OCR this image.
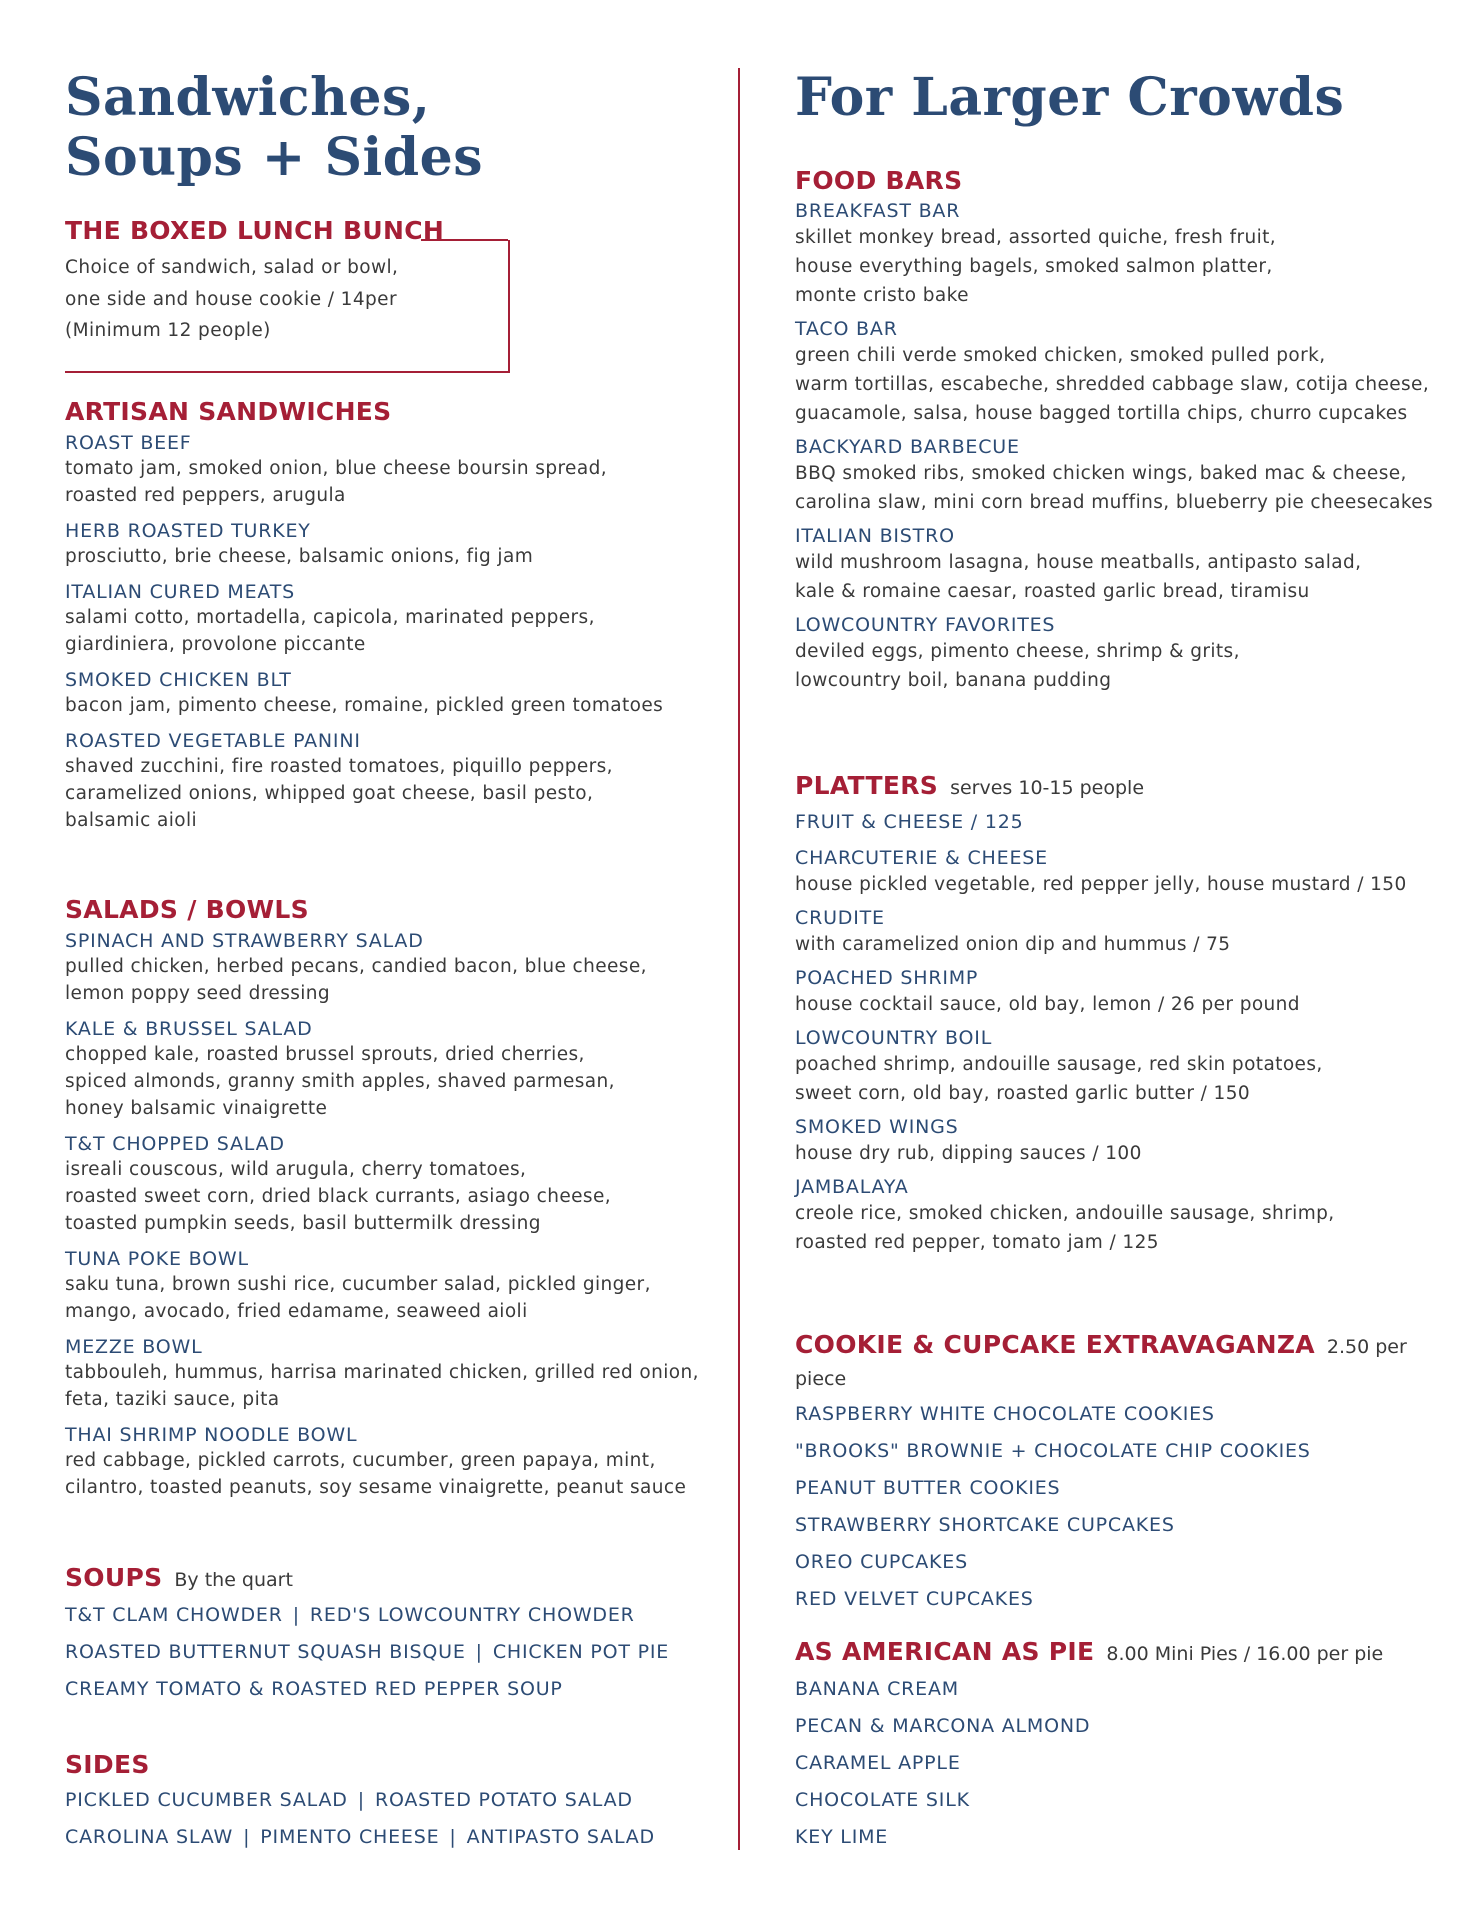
Sandwiches,

Soups + Sides

THE BOXED LUNCH BUNCH

Choice of sandwich, salad or bowl,

one side and house cookie / 14per

(Minimum 12 people)

ARTISAN SANDWICHES

ROAST BEEF

tomato jam, smoked onion, blue cheese boursin spread,

roasted red peppers, arugula

HERB ROASTED TURKEY

prosciutto, brie cheese, balsamic onions, fig jam

ITALIAN CURED MEATS

salami cotto, mortadella, capicola, marinated peppers,

giardiniera, provolone piccante

SMOKED CHICKEN BLT

bacon jam, pimento cheese, romaine, pickled green tomatoes

ROASTED VEGETABLE PANINI

shaved zucchini, fire roasted tomatoes, piquillo peppers,

caramelized onions, whipped goat cheese, basil pesto,

balsamic aioli

SALADS / BOWLS

SPINACH AND STRAWBERRY SALAD

pulled chicken, herbed pecans, candied bacon, blue cheese,

lemon poppy seed dressing

KALE & BRUSSEL SALAD

chopped kale, roasted brussel sprouts, dried cherries,

spiced almonds, granny smith apples, shaved parmesan,

honey balsamic vinaigrette

T&T CHOPPED SALAD

isreali couscous, wild arugula, cherry tomatoes,

roasted sweet corn, dried black currants, asiago cheese,

toasted pumpkin seeds, basil buttermilk dressing

TUNA POKE BOWL

saku tuna, brown sushi rice, cucumber salad, pickled ginger,

mango, avocado, fried edamame, seaweed aioli

MEZZE BOWL

tabbouleh, hummus, harrisa marinated chicken, grilled red onion,

feta, taziki sauce, pita

THAI SHRIMP NOODLE BOWL

red cabbage, pickled carrots, cucumber, green papaya, mint,

cilantro, toasted peanuts, soy sesame vinaigrette, peanut sauce

SOUPS By the quart

T&T CLAM CHOWDER | RED'S LOWCOUNTRY CHOWDER
ROASTED BUTTERNUT SQUASH BISQUE | CHICKEN POT PIE
CREAMY TOMATO & ROASTED RED PEPPER SOUP

SIDES

PICKLED CUCUMBER SALAD | ROASTED POTATO SALAD
CAROLINA SLAW | PIMENTO CHEESE | ANTIPASTO SALAD

For Larger Crowds

FOOD BARS

BREAKFAST BAR

skillet monkey bread, assorted quiche, fresh fruit,

house everything bagels, smoked salmon platter,

monte cristo bake

TACO BAR

green chili verde smoked chicken, smoked pulled pork,

warm tortillas, escabeche, shredded cabbage slaw, cotija cheese,

guacamole, salsa, house bagged tortilla chips, churro cupcakes

BACKYARD BARBECUE

BBQ smoked ribs, smoked chicken wings, baked mac & cheese,

carolina slaw, mini corn bread muffins, blueberry pie cheesecakes

ITALIAN BISTRO

wild mushroom lasagna, house meatballs, antipasto salad,

kale & romaine caesar, roasted garlic bread, tiramisu

LOWCOUNTRY FAVORITES

deviled eggs, pimento cheese, shrimp & grits,

lowcountry boil, banana pudding

PLATTERS serves 10-15 people

FRUIT & CHEESE / 125

CHARCUTERIE & CHEESE

house pickled vegetable, red pepper jelly, house mustard / 150

CRUDITE

with caramelized onion dip and hummus / 75

POACHED SHRIMP

house cocktail sauce, old bay, lemon / 26 per pound

LOWCOUNTRY BOIL

poached shrimp, andouille sausage, red skin potatoes,

sweet corn, old bay, roasted garlic butter / 150

SMOKED WINGS

house dry rub, dipping sauces / 100

JAMBALAYA

creole rice, smoked chicken, andouille sausage, shrimp,

roasted red pepper, tomato jam / 125

COOKIE & CUPCAKE EXTRAVAGANZA 2.50 per piece

RASPBERRY WHITE CHOCOLATE COOKIES
"BROOKS" BROWNIE + CHOCOLATE CHIP COOKIES
PEANUT BUTTER COOKIES
STRAWBERRY SHORTCAKE CUPCAKES
OREO CUPCAKES
RED VELVET CUPCAKES

AS AMERICAN AS PIE 8.00 Mini Pies / 16.00 per pie

BANANA CREAM
PECAN & MARCONA ALMOND
CARAMEL APPLE
CHOCOLATE SILK
KEY LIME
